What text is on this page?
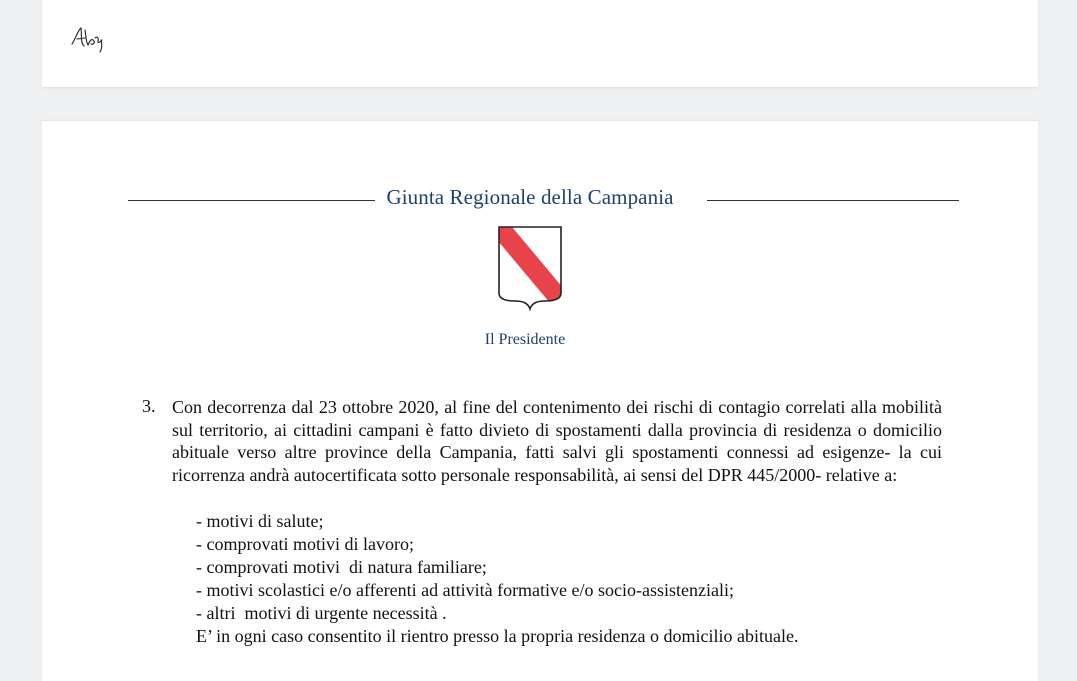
Giunta Regionale della Campania
Il Presidente
3. Con decorrenza dal 23 ottobre 2020, al fine del contenimento dei rischi di contagio correlati alla mobilità sul territorio, ai cittadini campani è fatto divieto di spostamenti dalla provincia di residenza o domicilio abituale verso altre province della Campania, fatti salvi gli spostamenti connessi ad esigenze- la cui ricorrenza andrà autocertificata sotto personale responsabilità, ai sensi del DPR 445/2000- relative a:
- motivi di salute;
- comprovati motivi di lavoro;
- comprovati motivi  di natura familiare;
- motivi scolastici e/o afferenti ad attività formative e/o socio-assistenziali;
- altri  motivi di urgente necessità .
E’ in ogni caso consentito il rientro presso la propria residenza o domicilio abituale.
